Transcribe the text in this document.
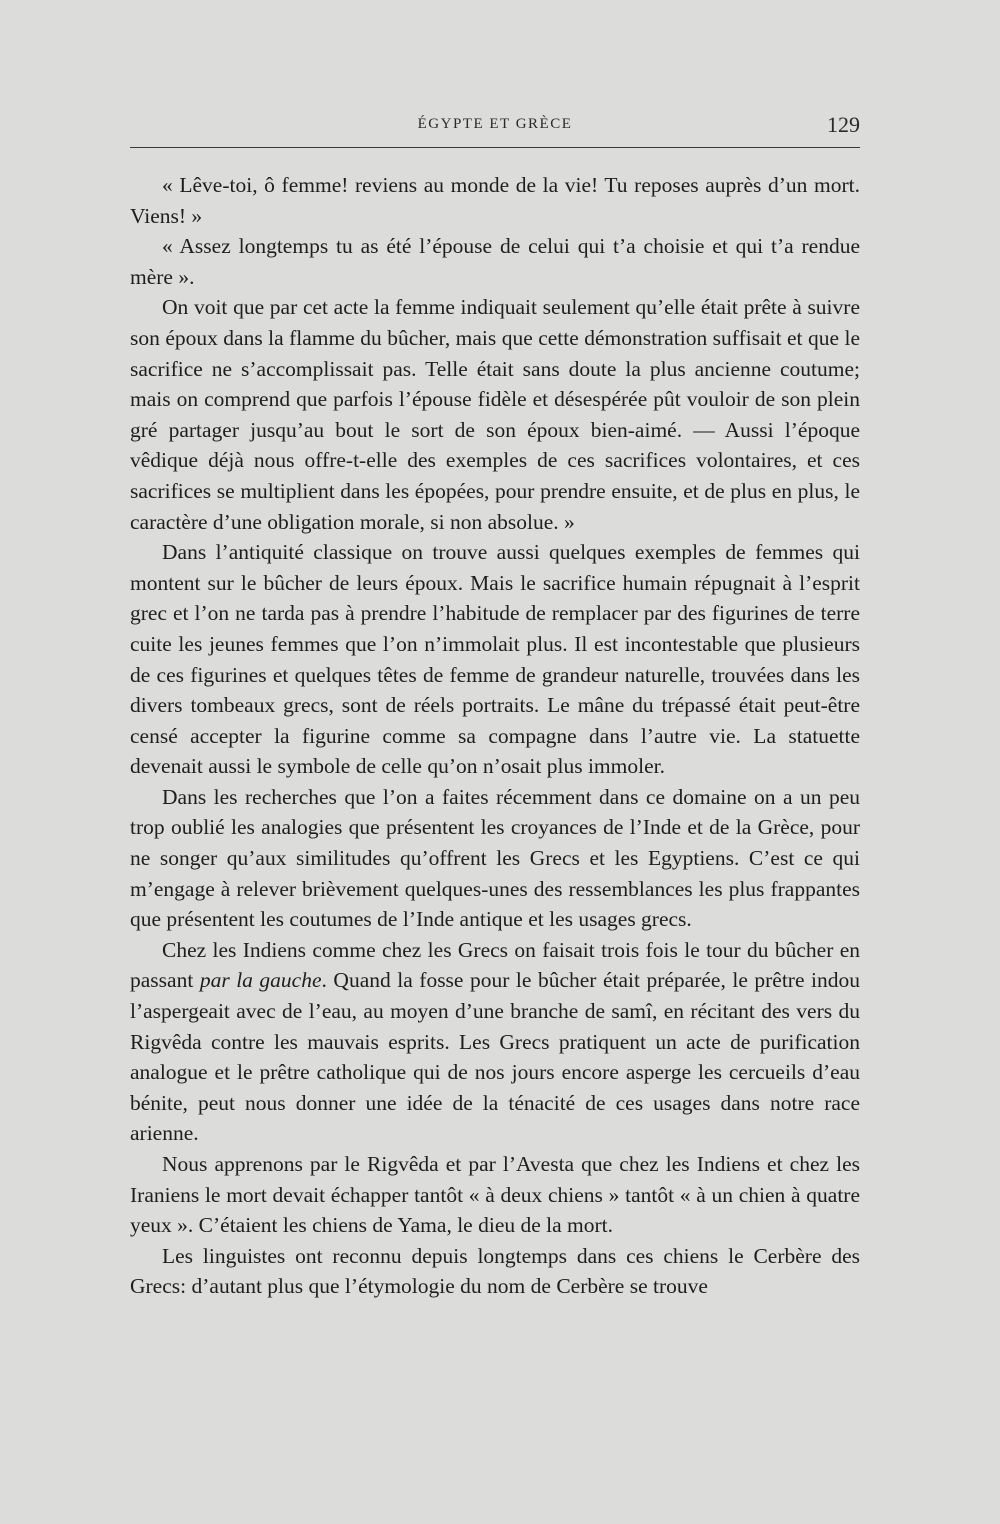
ÉGYPTE ET GRÈCE	129

« Lêve-toi, ô femme! reviens au monde de la vie! Tu reposes auprès d’un mort. Viens! »

« Assez longtemps tu as été l’épouse de celui qui t’a choisie et qui t’a rendue mère ».

On voit que par cet acte la femme indiquait seulement qu’elle était prête à suivre son époux dans la flamme du bûcher, mais que cette démonstration suffisait et que le sacrifice ne s’accomplissait pas. Telle était sans doute la plus ancienne coutume; mais on comprend que parfois l’épouse fidèle et désespérée pût vouloir de son plein gré partager jusqu’au bout le sort de son époux bien-aimé. — Aussi l’époque vêdique déjà nous offre-t-elle des exemples de ces sacrifices volontaires, et ces sacrifices se multiplient dans les épopées, pour prendre ensuite, et de plus en plus, le caractère d’une obligation morale, si non absolue. »

Dans l’antiquité classique on trouve aussi quelques exemples de femmes qui montent sur le bûcher de leurs époux. Mais le sacrifice humain répugnait à l’esprit grec et l’on ne tarda pas à prendre l’habitude de remplacer par des figurines de terre cuite les jeunes femmes que l’on n’immolait plus. Il est incontestable que plusieurs de ces figurines et quelques têtes de femme de grandeur naturelle, trouvées dans les divers tombeaux grecs, sont de réels portraits. Le mâne du trépassé était peut-être censé accepter la figurine comme sa compagne dans l’autre vie. La statuette devenait aussi le symbole de celle qu’on n’osait plus immoler.

Dans les recherches que l’on a faites récemment dans ce domaine on a un peu trop oublié les analogies que présentent les croyances de l’Inde et de la Grèce, pour ne songer qu’aux similitudes qu’offrent les Grecs et les Egyptiens. C’est ce qui m’engage à relever brièvement quelques-unes des ressemblances les plus frappantes que présentent les coutumes de l’Inde antique et les usages grecs.

Chez les Indiens comme chez les Grecs on faisait trois fois le tour du bûcher en passant par la gauche. Quand la fosse pour le bûcher était préparée, le prêtre indou l’aspergeait avec de l’eau, au moyen d’une branche de samî, en récitant des vers du Rigvêda contre les mauvais esprits. Les Grecs pratiquent un acte de purification analogue et le prêtre catholique qui de nos jours encore asperge les cercueils d’eau bénite, peut nous donner une idée de la ténacité de ces usages dans notre race arienne.

Nous apprenons par le Rigvêda et par l’Avesta que chez les Indiens et chez les Iraniens le mort devait échapper tantôt « à deux chiens » tantôt « à un chien à quatre yeux ». C’étaient les chiens de Yama, le dieu de la mort.

Les linguistes ont reconnu depuis longtemps dans ces chiens le Cerbère des Grecs: d’autant plus que l’étymologie du nom de Cerbère se trouve
